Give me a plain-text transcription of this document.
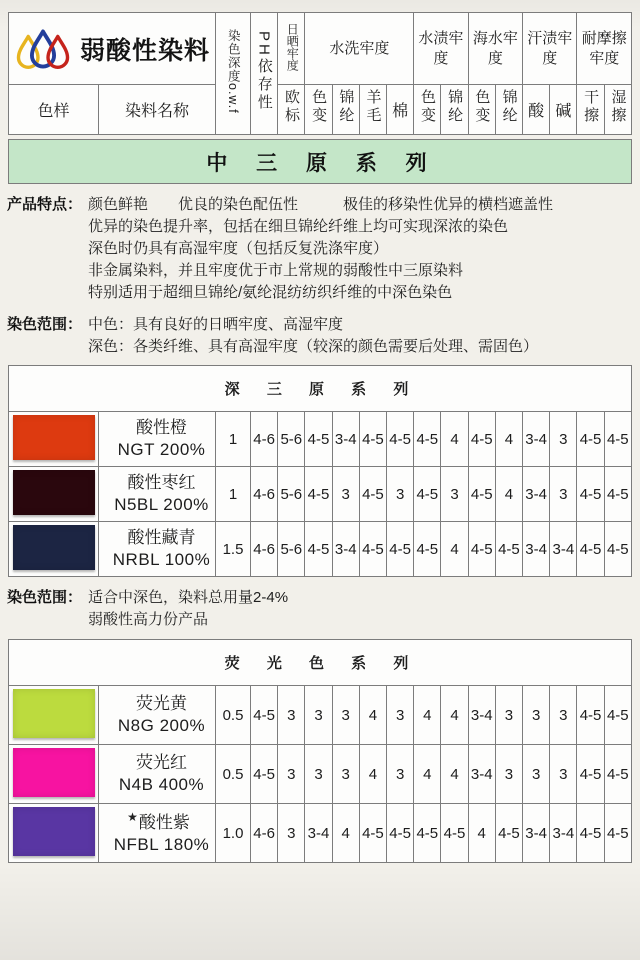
弱酸性染料		染色深度o.w.f	PH依存性	日晒牢度	水洗牢度				水渍牢度		海水牢度		汗渍牢度		耐摩擦牢度	
色样	染料名称			欧标	色变	锦纶	羊毛	棉	色变	锦纶	色变	锦纶	酸	碱	干擦	湿擦
中 三 原 系 列
产品特点： 颜色鲜艳　　优良的染色配伍性　　　极佳的移染性优异的横档遮盖性
优异的染色提升率，包括在细旦锦纶纤维上均可实现深浓的染色
深色时仍具有高湿牢度（包括反复洗涤牢度）
非金属染料，并且牢度优于市上常规的弱酸性中三原染料
特别适用于超细旦锦纶/氨纶混纺纺织纤维的中深色染色
染色范围： 中色：具有良好的日晒牢度、高湿牢度
深色：各类纤维、具有高湿牢度（较深的颜色需要后处理、需固色）
深 三 原 系 列																

	酸性橙
NGT 200%	1	4-6	5-6	4-5	3-4	4-5	4-5	4-5	4	4-5	4	3-4	3	4-5	4-5

	酸性枣红
N5BL 200%	1	4-6	5-6	4-5	3	4-5	3	4-5	3	4-5	4	3-4	3	4-5	4-5

	酸性藏青
NRBL 100%	1.5	4-6	5-6	4-5	3-4	4-5	4-5	4-5	4	4-5	4-5	3-4	3-4	4-5	4-5
染色范围： 适合中深色，染料总用量2-4%
弱酸性高力份产品
荧 光 色 系 列																

	荧光黄
N8G 200%	0.5	4-5	3	3	3	4	3	4	4	3-4	3	3	3	4-5	4-5

	荧光红
N4B 400%	0.5	4-5	3	3	3	4	3	4	4	3-4	3	3	3	4-5	4-5

	★酸性紫
NFBL 180%	1.0	4-6	3	3-4	4	4-5	4-5	4-5	4-5	4	4-5	3-4	3-4	4-5	4-5
